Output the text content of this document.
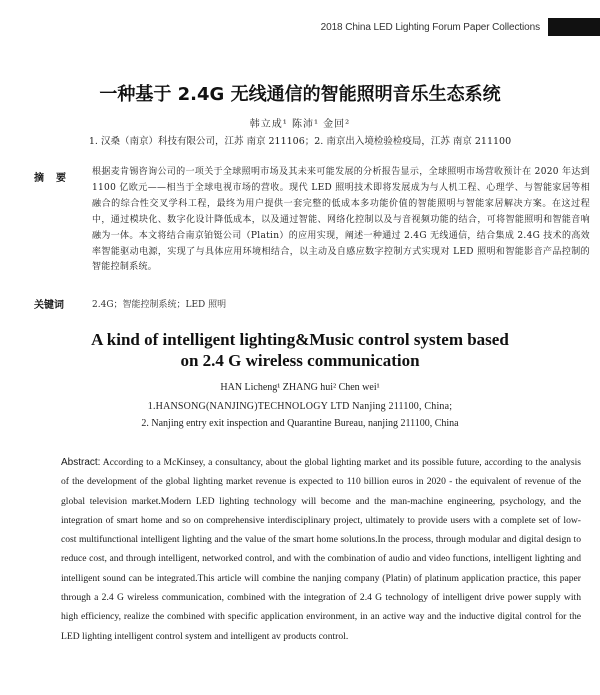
2018 China LED Lighting Forum Paper Collections
一种基于 2.4G 无线通信的智能照明音乐生态系统
韩立成¹ 陈沛¹ 金回²
1. 汉桑（南京）科技有限公司，江苏 南京 211106；2. 南京出入境检验检疫局，江苏 南京 211100
摘　要
根据麦肯锡咨询公司的一项关于全球照明市场及其未来可能发展的分析报告显示，全球照明市场营收预计在 2020 年达到 1100 亿欧元——相当于全球电视市场的营收。现代 LED 照明技术即将发展成为与人机工程、心理学、与智能家居等相融合的综合性交叉学科工程，最终为用户提供一套完整的低成本多功能价值的智能照明与智能家居解决方案。在这过程中，通过模块化、数字化设计降低成本，以及通过智能、网络化控制以及与音视频功能的结合，可将智能照明和智能音响融为一体。本文将结合南京铂铤公司（Platin）的应用实现，阐述一种通过 2.4G 无线通信，结合集成 2.4G 技术的高效率智能驱动电源，实现了与具体应用环境相结合，以主动及自感应数字控制方式实现对 LED 照明和智能影音产品控制的智能控制系统。
关键词	2.4G；智能控制系统；LED 照明
A kind of intelligent lighting&Music control system based
on 2.4 G wireless communication
HAN Licheng¹ ZHANG hui² Chen wei¹
1.HANSONG(NANJING)TECHNOLOGY LTD Nanjing 211100, China;
2. Nanjing entry exit inspection and Quarantine Bureau, nanjing 211100, China
Abstract: According to a McKinsey, a consultancy, about the global lighting market and its possible future, according to the analysis of the development of the global lighting market revenue is expected to 110 billion euros in 2020 - the equivalent of revenue of the global television market.Modern LED lighting technology will become and the man-machine engineering, psychology, and the integration of smart home and so on comprehensive interdisciplinary project, ultimately to provide users with a complete set of low-cost multifunctional intelligent lighting and the value of the smart home solutions.In the process, through modular and digital design to reduce cost, and through intelligent, networked control, and with the combination of audio and video functions, intelligent lighting and intelligent sound can be integrated.This article will combine the nanjing company (Platin) of platinum application practice, this paper through a 2.4 G wireless communication, combined with the integration of 2.4 G technology of intelligent drive power supply with high efficiency, realize the combined with specific application environment, in an active way and the inductive digital control for the LED lighting intelligent control system and intelligent av products control.
